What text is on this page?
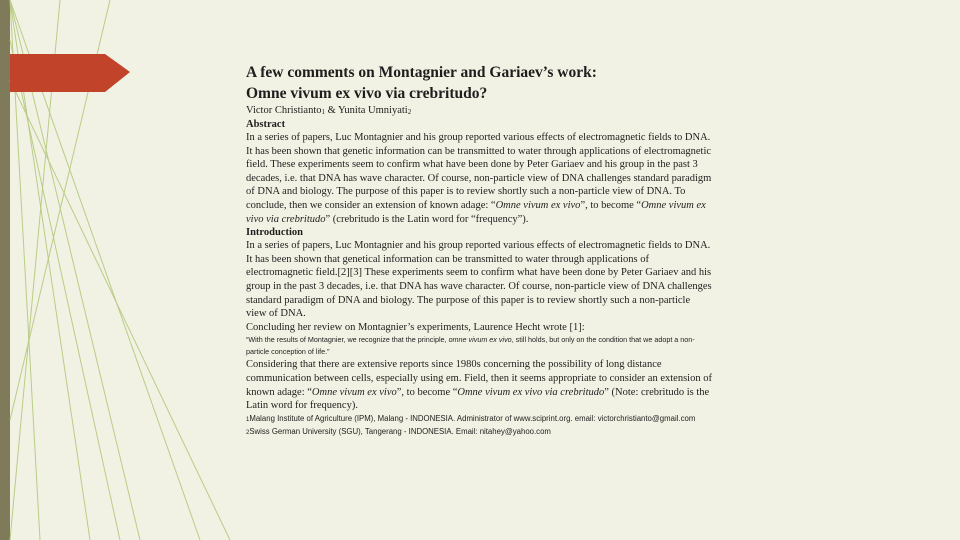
A few comments on Montagnier and Gariaev’s work:
Omne vivum ex vivo via crebritudo?
Victor Christianto$_1$ & Yunita Umniyati$_2$
Abstract

In a series of papers, Luc Montagnier and his group reported various effects of electromagnetic fields to DNA. It has been shown that genetic information can be transmitted to water through applications of electromagnetic field. These experiments seem to confirm what have been done by Peter Gariaev and his group in the past 3 decades, i.e. that DNA has wave character. Of course, non-particle view of DNA challenges standard paradigm of DNA and biology. The purpose of this paper is to review shortly such a non-particle view of DNA. To conclude, then we consider an extension of known adage: “Omne vivum ex vivo”, to become “Omne vivum ex vivo via crebritudo” (crebritudo is the Latin word for “frequency”).

Introduction

In a series of papers, Luc Montagnier and his group reported various effects of electromagnetic fields to DNA. It has been shown that genetical information can be transmitted to water through applications of electromagnetic field.[2][3] These experiments seem to confirm what have been done by Peter Gariaev and his group in the past 3 decades, i.e. that DNA has wave character. Of course, non-particle view of DNA challenges standard paradigm of DNA and biology. The purpose of this paper is to review shortly such a non-particle view of DNA.

Concluding her review on Montagnier’s experiments, Laurence Hecht wrote [1]:

“With the results of Montagnier, we recognize that the principle, omne vivum ex vivo, still holds, but only on the condition that we adopt a non-particle conception of life.”

Considering that there are extensive reports since 1980s concerning the possibility of long distance communication between cells, especially using em. Field, then it seems appropriate to consider an extension of known adage: “Omne vivum ex vivo”, to become “Omne vivum ex vivo via crebritudo” (Note: crebritudo is the Latin word for frequency).

1Malang Institute of Agriculture (IPM), Malang - INDONESIA. Administrator of www.sciprint.org. email: victorchristianto@gmail.com

2Swiss German University (SGU), Tangerang - INDONESIA. Email: nitahey@yahoo.com
